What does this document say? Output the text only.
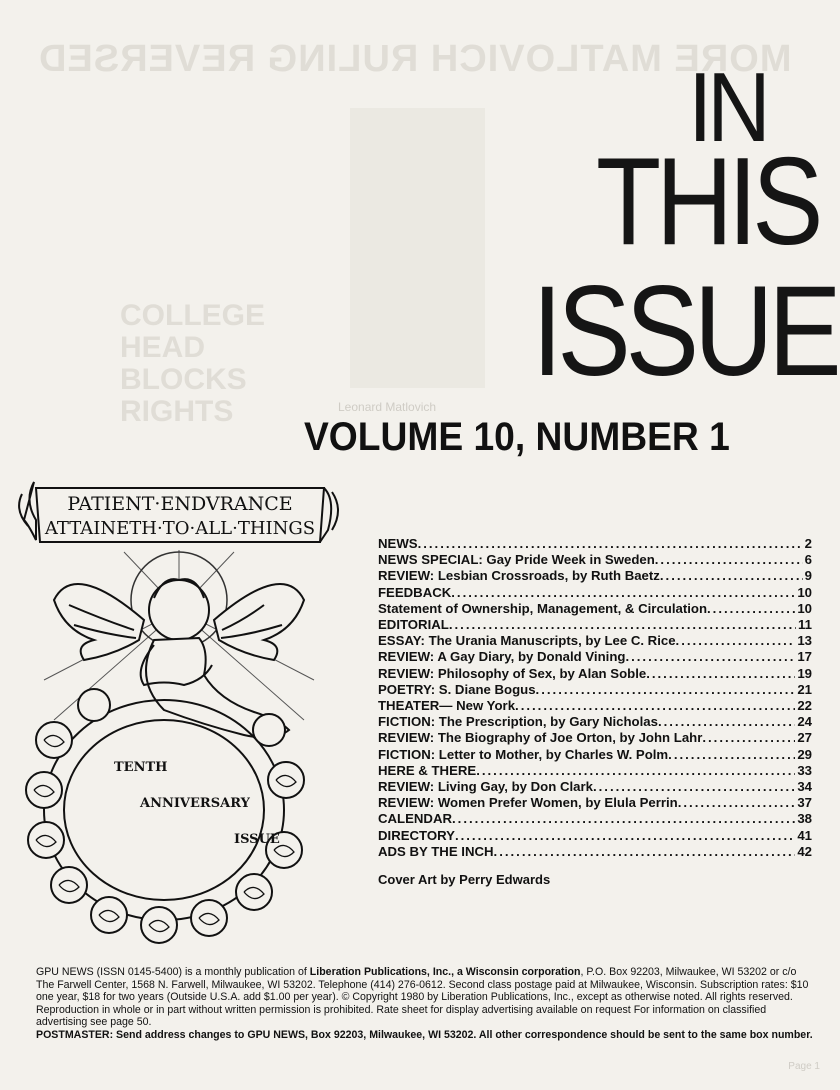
MORE MATLOVICH RULING REVERSED
COLLEGE HEAD BLOCKS RIGHTS	Leonard Matlovich
Page 1
IN
THIS
ISSUE
VOLUME 10, NUMBER 1
PATIENT·ENDVRANCE
ATTAINETH·TO·ALL·THINGS
TENTH
ANNIVERSARY
ISSUE
NEWS .....	2
NEWS SPECIAL: Gay Pride Week in Sweden .....	6
REVIEW: Lesbian Crossroads, by Ruth Baetz .....	9
FEEDBACK .....	10
Statement of Ownership, Management, & Circulation .....	10
EDITORIAL .....	11
ESSAY: The Urania Manuscripts, by Lee C. Rice .....	13
REVIEW: A Gay Diary, by Donald Vining .....	17
REVIEW: Philosophy of Sex, by Alan Soble .....	19
POETRY: S. Diane Bogus .....	21
THEATER— New York .....	22
FICTION: The Prescription, by Gary Nicholas .....	24
REVIEW: The Biography of Joe Orton, by John Lahr .....	27
FICTION: Letter to Mother, by Charles W. Polm .....	29
HERE & THERE .....	33
REVIEW: Living Gay, by Don Clark .....	34
REVIEW: Women Prefer Women, by Elula Perrin .....	37
CALENDAR .....	38
DIRECTORY .....	41
ADS BY THE INCH .....	42
Cover Art by Perry Edwards
GPU NEWS (ISSN 0145-5400) is a monthly publication of Liberation Publications, Inc., a Wisconsin corporation, P.O. Box 92203, Milwaukee, WI 53202 or c/o The Farwell Center, 1568 N. Farwell, Milwaukee, WI 53202. Telephone (414) 276-0612. Second class postage paid at Milwaukee, Wisconsin. Subscription rates: $10 one year, $18 for two years (Outside U.S.A. add $1.00 per year). © Copyright 1980 by Liberation Publications, Inc., except as otherwise noted. All rights reserved. Reproduction in whole or in part without written permission is prohibited. Rate sheet for display advertising available on request For information on classified advertising see page 50.
POSTMASTER: Send address changes to GPU NEWS, Box 92203, Milwaukee, WI 53202. All other correspondence should be sent to the same box number.
